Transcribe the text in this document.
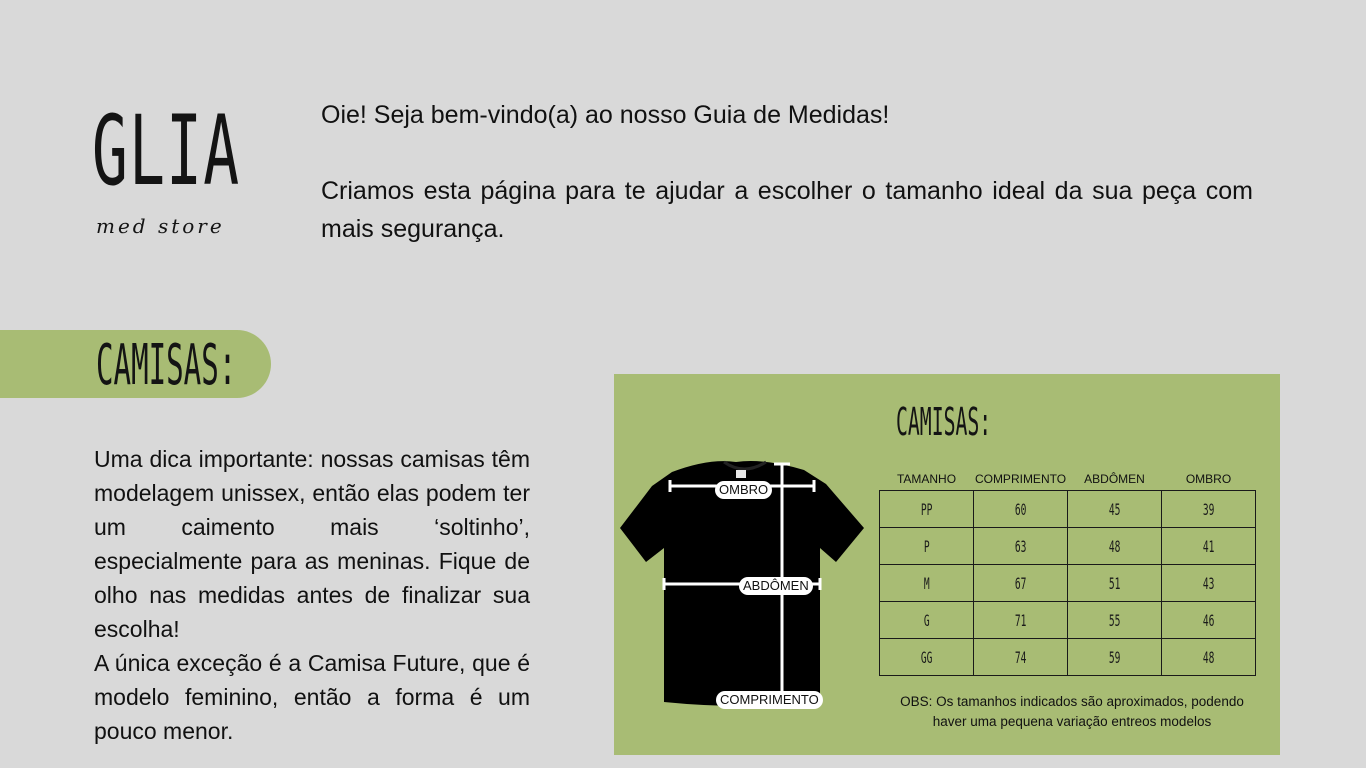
GLIA
med store

Oie! Seja bem-vindo(a) ao nosso Guia de Medidas!

Criamos esta página para te ajudar a escolher o tamanho ideal da sua peça com mais segurança.

CAMISAS:

Uma dica importante: nossas camisas têm modelagem unissex, então elas podem ter um caimento mais ‘soltinho’, especialmente para as meninas. Fique de olho nas medidas antes de finalizar sua escolha!

A única exceção é a Camisa Future, que é modelo feminino, então a forma é um pouco menor.

CAMISAS:
OMBRO
ABDÔMEN
COMPRIMENTO
TAMANHO	COMPRIMENTO	ABDÔMEN	OMBRO
PP	60	45	39
P	63	48	41
M	67	51	43
G	71	55	46
GG	74	59	48
OBS: Os tamanhos indicados são aproximados, podendo haver uma pequena variação entreos modelos
